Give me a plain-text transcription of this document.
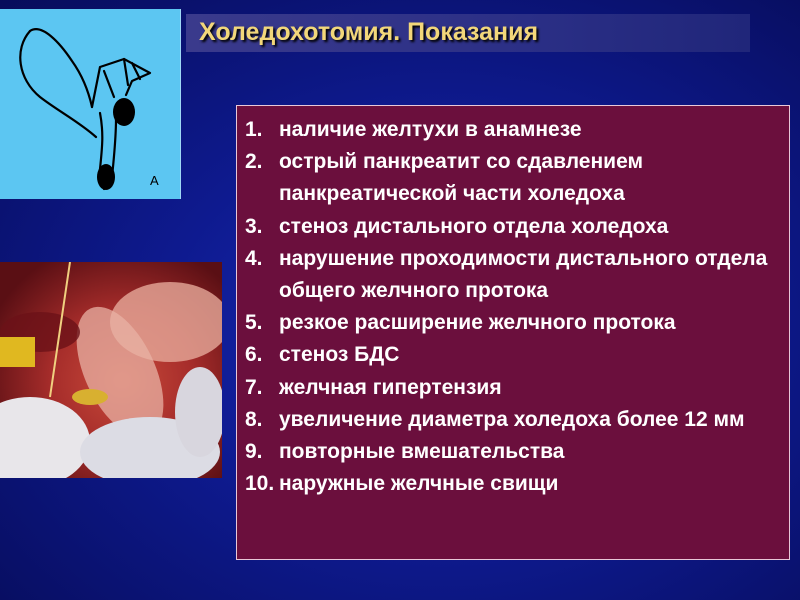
Холедохотомия. Показания
А
1. наличие желтухи в анамнезе
2. острый панкреатит со сдавлением панкреатической части холедоха
3. стеноз дистального отдела холедоха
4. нарушение проходимости дистального отдела общего желчного протока
5. резкое расширение желчного протока
6. стеноз БДС
7. желчная гипертензия
8. увеличение диаметра холедоха более 12 мм
9. повторные вмешательства
10. наружные желчные свищи
